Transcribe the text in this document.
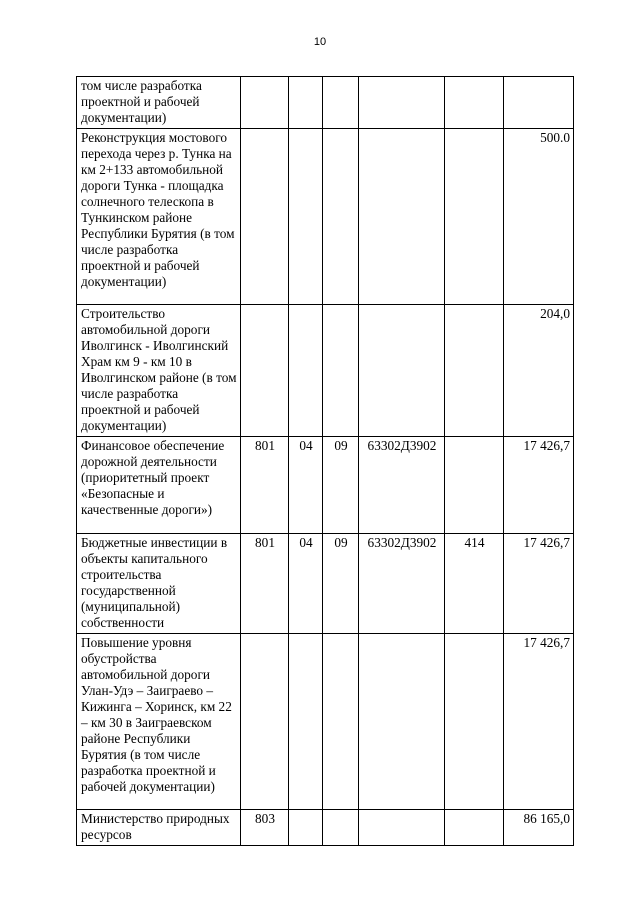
10
том числе разработка проектной и рабочей документации)						
Реконструкция мостового перехода через р. Тунка на км 2+133 автомобильной дороги Тунка - площадка солнечного телескопа в Тункинском районе Республики Бурятия (в том числе разработка проектной и рабочей документации)						500.0
Строительство автомобильной дороги Иволгинск - Иволгинский Храм км 9 - км 10 в Иволгинском районе (в том числе разработка проектной и рабочей документации)						204,0
Финансовое обеспечение дорожной деятельности (приоритетный проект «Безопасные и качественные дороги»)	801	04	09	63302Д3902		17 426,7
Бюджетные инвестиции в объекты капитального строительства государственной (муниципальной) собственности	801	04	09	63302Д3902	414	17 426,7
Повышение уровня обустройства автомобильной дороги Улан-Удэ – Заиграево – Кижинга – Хоринск, км 22 – км 30 в Заиграевском районе Республики Бурятия (в том числе разработка проектной и рабочей документации)						17 426,7
Министерство природных ресурсов	803					86 165,0
